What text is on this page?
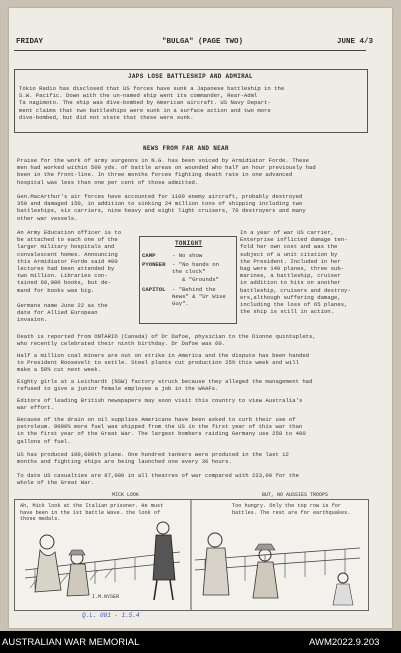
FRIDAY	"BULGA" (PAGE TWO)	JUNE 4/3
JAPS LOSE BATTLESHIP AND ADMIRAL
Tokio Radio has disclosed that US forces have sunk a Japanese battleship in the
S.W. Pacific. Down with the un-named ship went its commander, Rear-Adml
Ta nagimoto. The ship was dive-bombed by American aircraft. US Navy Depart-
ment claims that two battleships were sunk in a surface action and two more
dive-bombed, but did not state that these were sunk.
NEWS FROM FAR AND NEAR
Praise for the work of army surgeons in N.G. has been voiced by Armidiator Forde. These
men had worked within 500 yds. of battle areas on wounded who half an hour previously had
been in the front-line. In three months forces fighting death rate in one advanced
hospital was less than one per cent of those admitted.
Gen.MacArthur's air forces have accounted for 1100 enemy aircraft, probably destroyed
350 and damaged 150, in addition to sinking 24 million tons of shipping including two
battleships, six carriers, nine heavy and eight light cruisers, 70 destroyers and many
other war vessels.
An Army Education officer is to
be attached to each one of the
larger military hospitals and
convalescent homes. Announcing
this Armidiator Forde said 400
lectures had been attended by
two million. Libraries con-
tained 60,000 books, but de-
mand for books was big.
Germans name June 22 as the
date for Allied European
invasion.
TONIGHT
CAMP	- No show
PYONEER - "No hands on the clock"
& "Grounds"
CAPITOL - "Behind the News" & "Ur Wise Guy".
In a year of war US carrier,
Enterprise inflicted damage ten-
fold her own cost and was the
subject of a unit citation by
the President. Included in her
bag were 140 planes, three sub-
marines, a battleship, cruiser
in addition to hits on another
battleship, cruisers and destroy-
ers,although suffering damage,
including the loss of 65 planes,
the ship is still in action.
Death is reported from ONTARIO (Canada) of Dr Dafoe, physician to the Dionne quintuplets,
who recently celebrated their ninth birthday. Dr Dafoe was 60.
Half a million coal miners are out on strike in America and the dispute has been handed
to President Roosevelt to settle. Steel plants cut production 25% this week and will
make a 50% cut next week.
Eighty girls at a Leichardt (NSW) factory struck because they alleged the management had
refused to give a junior female employee a job in the WAAFs.
Editors of leading British newspapers may soon visit this country to view Australia's
war effort.
Because of the drain on oil supplies Americans have been asked to curb their use of
petroleum. 9000% more fuel was shipped from the US in the first year of this war than
in the first year of the Great War. The largest bombers raiding Germany use 250 to 400
gallons of fuel.
US has produced 100,000th plane. One hundred tankers were produced in the last 12
months and fighting ships are being launched one every 36 hours.
To date US casualties are 87,000 in all theatres of war compared with 223,00 for the
whole of the Great War.
MICK LOOK	BUT, NO AUSSIES TROOPS
Ah, Mick look at the Italian prisoner. He must have been in the 1st battle Wave. the look of those medals.
Too hungry. Only the top row is for battles. The rest are for earthquakes.
I.M.NYSER
Q.L. 001 - 1.5.4
AUSTRALIAN WAR MEMORIAL	AWM2022.9.203
